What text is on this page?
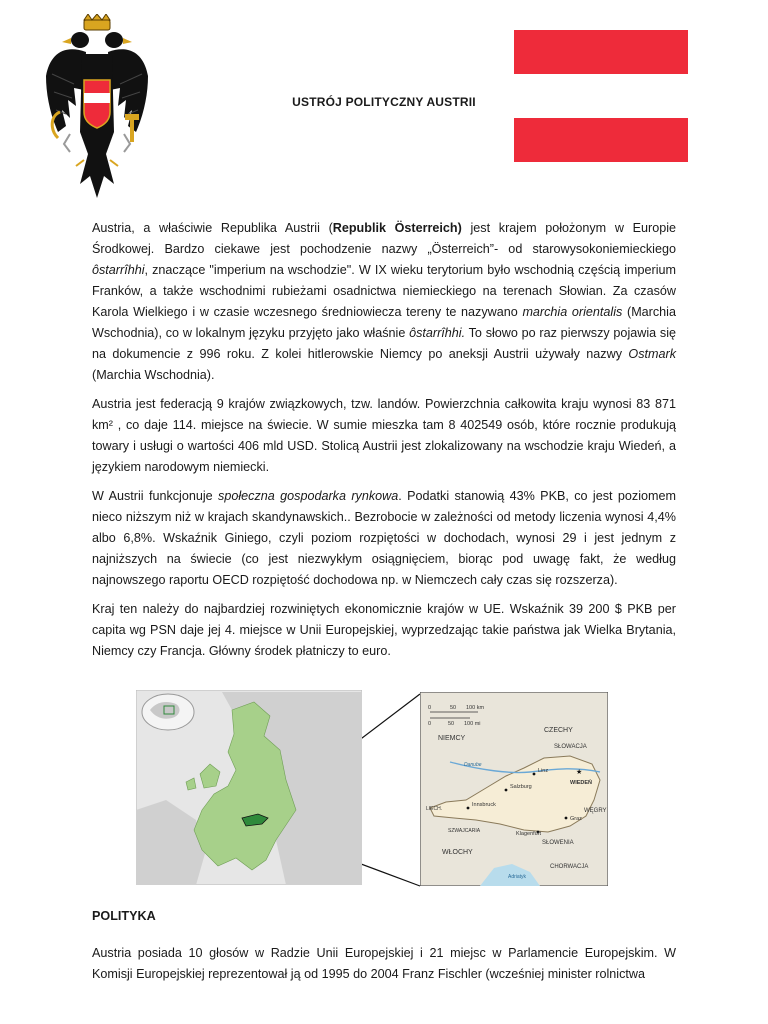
USTRÓJ POLITYCZNY AUSTRII

Austria, a właściwie Republika Austrii (Republik Österreich) jest krajem położonym w Europie Środkowej. Bardzo ciekawe jest pochodzenie nazwy „Österreich”- od starowysokoniemieckiego ôstarrîhhi, znaczące "imperium na wschodzie". W IX wieku terytorium było wschodnią częścią imperium Franków, a także wschodnimi rubieżami osadnictwa niemieckiego na terenach Słowian. Za czasów Karola Wielkiego i w czasie wczesnego średniowiecza tereny te nazywano marchia orientalis (Marchia Wschodnia), co w lokalnym języku przyjęto jako właśnie ôstarrîhhi. To słowo po raz pierwszy pojawia się na dokumencie z 996 roku. Z kolei hitlerowskie Niemcy po aneksji Austrii używały nazwy Ostmark (Marchia Wschodnia).

Austria jest federacją 9 krajów związkowych, tzw. landów. Powierzchnia całkowita kraju wynosi 83 871 km² , co daje 114. miejsce na świecie. W sumie mieszka tam 8 402549 osób, które rocznie produkują towary i usługi o wartości 406 mld USD. Stolicą Austrii jest zlokalizowany na wschodzie kraju Wiedeń, a językiem narodowym niemiecki.

W Austrii funkcjonuje społeczna gospodarka rynkowa. Podatki stanowią 43% PKB, co jest poziomem nieco niższym niż w krajach skandynawskich.. Bezrobocie w zależności od metody liczenia wynosi 4,4% albo 6,8%. Wskaźnik Giniego, czyli poziom rozpiętości w dochodach, wynosi 29 i jest jednym z najniższych na świecie (co jest niezwykłym osiągnięciem, biorąc pod uwagę fakt, że według najnowszego raportu OECD rozpiętość dochodowa np. w Niemczech cały czas się rozszerza).

Kraj ten należy do najbardziej rozwiniętych ekonomicznie krajów w UE. Wskaźnik 39 200 $ PKB per capita wg PSN daje jej 4. miejsce w Unii Europejskiej, wyprzedzając takie państwa jak Wielka Brytania, Niemcy czy Francja. Główny środek płatniczy to euro.

0	50 100 km
0	50 100 mi
Adriatyk
Danube
CZECHY
SŁOWACJA
NIEMCY
WĘGRY
LIECH.
SZWAJCARIA
SŁOWENIA
CHORWACJA
WŁOCHY
Linz	★
WIEDEŃ
Salzburg
Innsbruck
Graz
Klagenfurt
POLITYKA

Austria posiada 10 głosów w Radzie Unii Europejskiej i 21 miejsc w Parlamencie Europejskim. W Komisji Europejskiej reprezentował ją od 1995 do 2004 Franz Fischler (wcześniej minister rolnictwa
